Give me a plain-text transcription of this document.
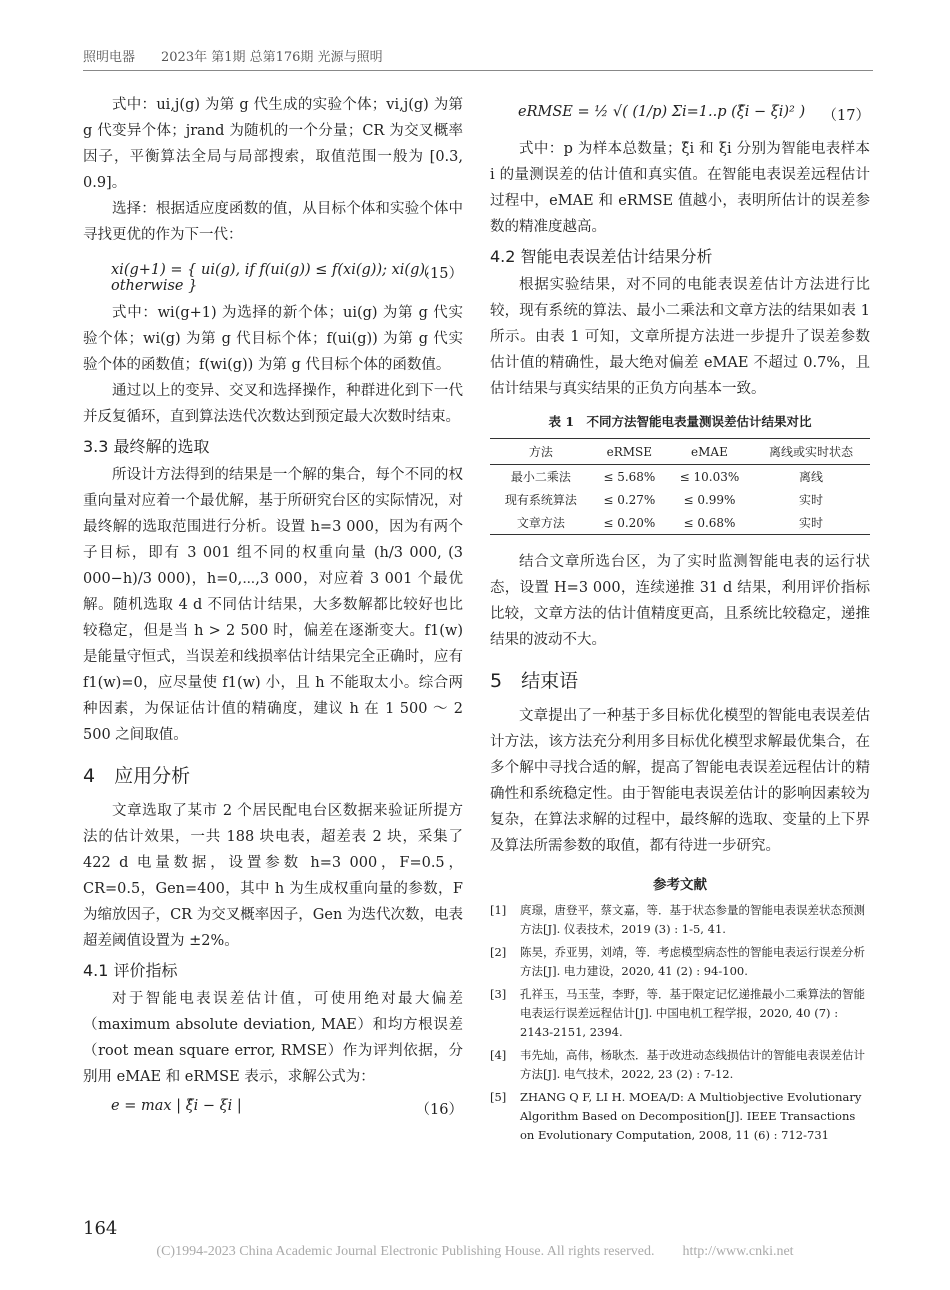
照明电器　　2023年 第1期 总第176期 光源与照明

式中：ui,j(g) 为第 g 代生成的实验个体；vi,j(g) 为第 g 代变异个体；jrand 为随机的一个分量；CR 为交叉概率因子，平衡算法全局与局部搜索，取值范围一般为 [0.3, 0.9]。

选择：根据适应度函数的值，从目标个体和实验个体中寻找更优的作为下一代：

xi(g+1) = { ui(g), if f(ui(g)) ≤ f(xi(g)); xi(g), otherwise }
（15）

式中：wi(g+1) 为选择的新个体；ui(g) 为第 g 代实验个体；wi(g) 为第 g 代目标个体；f(ui(g)) 为第 g 代实验个体的函数值；f(wi(g)) 为第 g 代目标个体的函数值。

通过以上的变异、交叉和选择操作，种群进化到下一代并反复循环，直到算法迭代次数达到预定最大次数时结束。

3.3 最终解的选取

所设计方法得到的结果是一个解的集合，每个不同的权重向量对应着一个最优解，基于所研究台区的实际情况，对最终解的选取范围进行分析。设置 h=3 000，因为有两个子目标，即有 3 001 组不同的权重向量 (h/3 000, (3 000−h)/3 000)，h=0,⋯,3 000，对应着 3 001 个最优解。随机选取 4 d 不同估计结果，大多数解都比较好也比较稳定，但是当 h > 2 500 时，偏差在逐渐变大。f1(w) 是能量守恒式，当误差和线损率估计结果完全正确时，应有 f1(w)=0，应尽量使 f1(w) 小，且 h 不能取太小。综合两种因素，为保证估计值的精确度，建议 h 在 1 500 ～ 2 500 之间取值。

4　应用分析

文章选取了某市 2 个居民配电台区数据来验证所提方法的估计效果，一共 188 块电表，超差表 2 块，采集了 422 d 电量数据，设置参数 h=3 000，F=0.5，CR=0.5，Gen=400，其中 h 为生成权重向量的参数，F 为缩放因子，CR 为交叉概率因子，Gen 为迭代次数，电表超差阈值设置为 ±2%。

4.1 评价指标

对于智能电表误差估计值，可使用绝对最大偏差（maximum absolute deviation, MAE）和均方根误差（root mean square error, RMSE）作为评判依据，分别用 eMAE 和 eRMSE 表示，求解公式为：

e = max | ξ̂i − ξi |	（16）
eRMSE = ½ √( (1/p) Σi=1..p (ξ̂i − ξi)² ) （17）

式中：p 为样本总数量；ξ̂i 和 ξi 分别为智能电表样本 i 的量测误差的估计值和真实值。在智能电表误差远程估计过程中，eMAE 和 eRMSE 值越小，表明所估计的误差参数的精准度越高。

4.2 智能电表误差估计结果分析

根据实验结果，对不同的电能表误差估计方法进行比较，现有系统的算法、最小二乘法和文章方法的结果如表 1 所示。由表 1 可知，文章所提方法进一步提升了误差参数估计值的精确性，最大绝对偏差 eMAE 不超过 0.7%，且估计结果与真实结果的正负方向基本一致。

表 1　不同方法智能电表量测误差估计结果对比
方法	eRMSE	eMAE	离线或实时状态
最小二乘法	≤ 5.68%	≤ 10.03%	离线
现有系统算法	≤ 0.27%	≤ 0.99%	实时
文章方法	≤ 0.20%	≤ 0.68%	实时

结合文章所选台区，为了实时监测智能电表的运行状态，设置 H=3 000，连续递推 31 d 结果，利用评价指标比较，文章方法的估计值精度更高，且系统比较稳定，递推结果的波动不大。

5　结束语

文章提出了一种基于多目标优化模型的智能电表误差估计方法，该方法充分利用多目标优化模型求解最优集合，在多个解中寻找合适的解，提高了智能电表误差远程估计的精确性和系统稳定性。由于智能电表误差估计的影响因素较为复杂，在算法求解的过程中，最终解的选取、变量的上下界及算法所需参数的取值，都有待进一步研究。

参考文献
[1]	庹璟，唐登平，蔡文嘉，等．基于状态参量的智能电表误差状态预测方法[J]. 仪表技术，2019 (3) : 1-5, 41.
[2]	陈昊，乔亚男，刘靖，等．考虑模型病态性的智能电表运行误差分析方法[J]. 电力建设，2020, 41 (2) : 94-100.
[3]	孔祥玉，马玉莹，李野，等．基于限定记忆递推最小二乘算法的智能电表运行误差远程估计[J]. 中国电机工程学报，2020, 40 (7) : 2143-2151, 2394.
[4]	韦先灿，高伟，杨耿杰．基于改进动态线损估计的智能电表误差估计方法[J]. 电气技术，2022, 23 (2) : 7-12.
[5]	ZHANG Q F, LI H. MOEA/D: A Multiobjective Evolutionary Algorithm Based on Decomposition[J]. IEEE Transactions on Evolutionary Computation, 2008, 11 (6) : 712-731
164
(C)1994-2023 China Academic Journal Electronic Publishing House. All rights reserved.　　http://www.cnki.net
